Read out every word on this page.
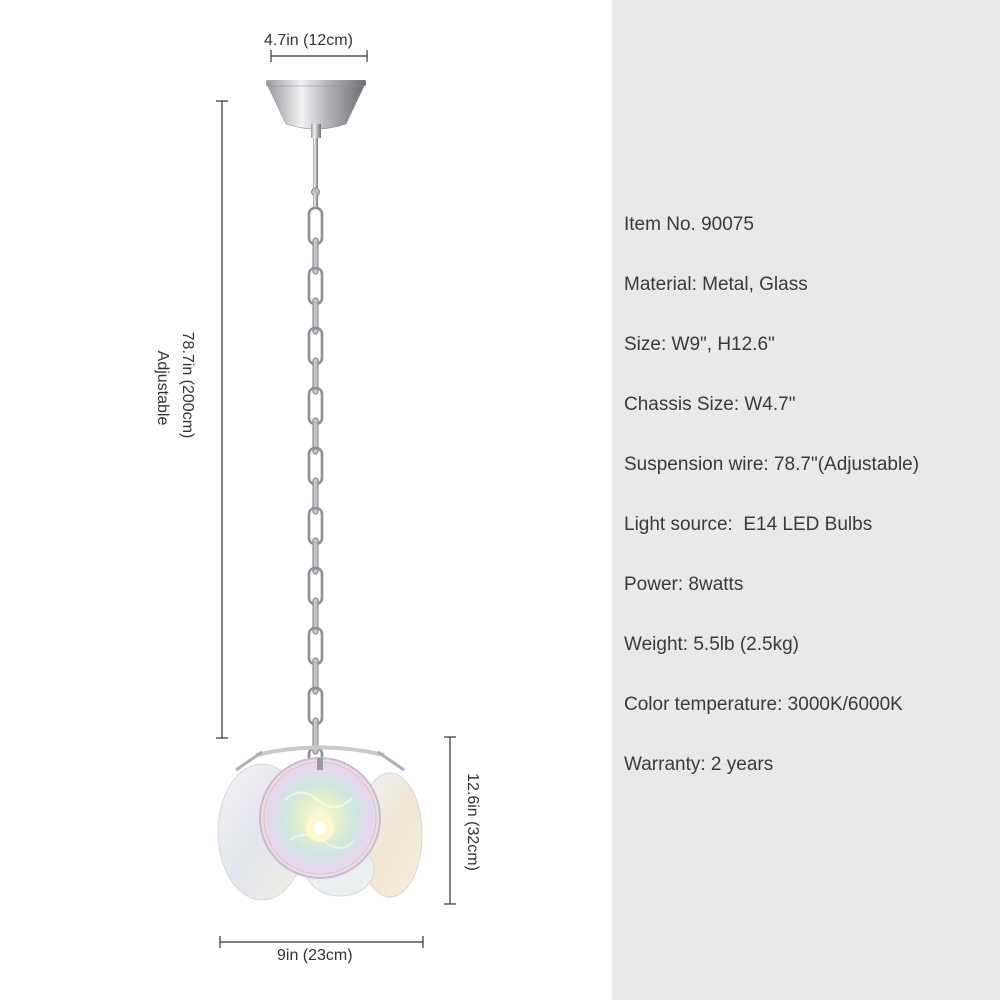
4.7in (12cm)
78.7in (200cm)
Adjustable
12.6in (32cm)
9in (23cm)
Item No. 90075
Material: Metal, Glass
Size: W9", H12.6"
Chassis Size: W4.7"
Suspension wire: 78.7"(Adjustable)
Light source:  E14 LED Bulbs
Power: 8watts
Weight: 5.5lb (2.5kg)
Color temperature: 3000K/6000K
Warranty: 2 years
